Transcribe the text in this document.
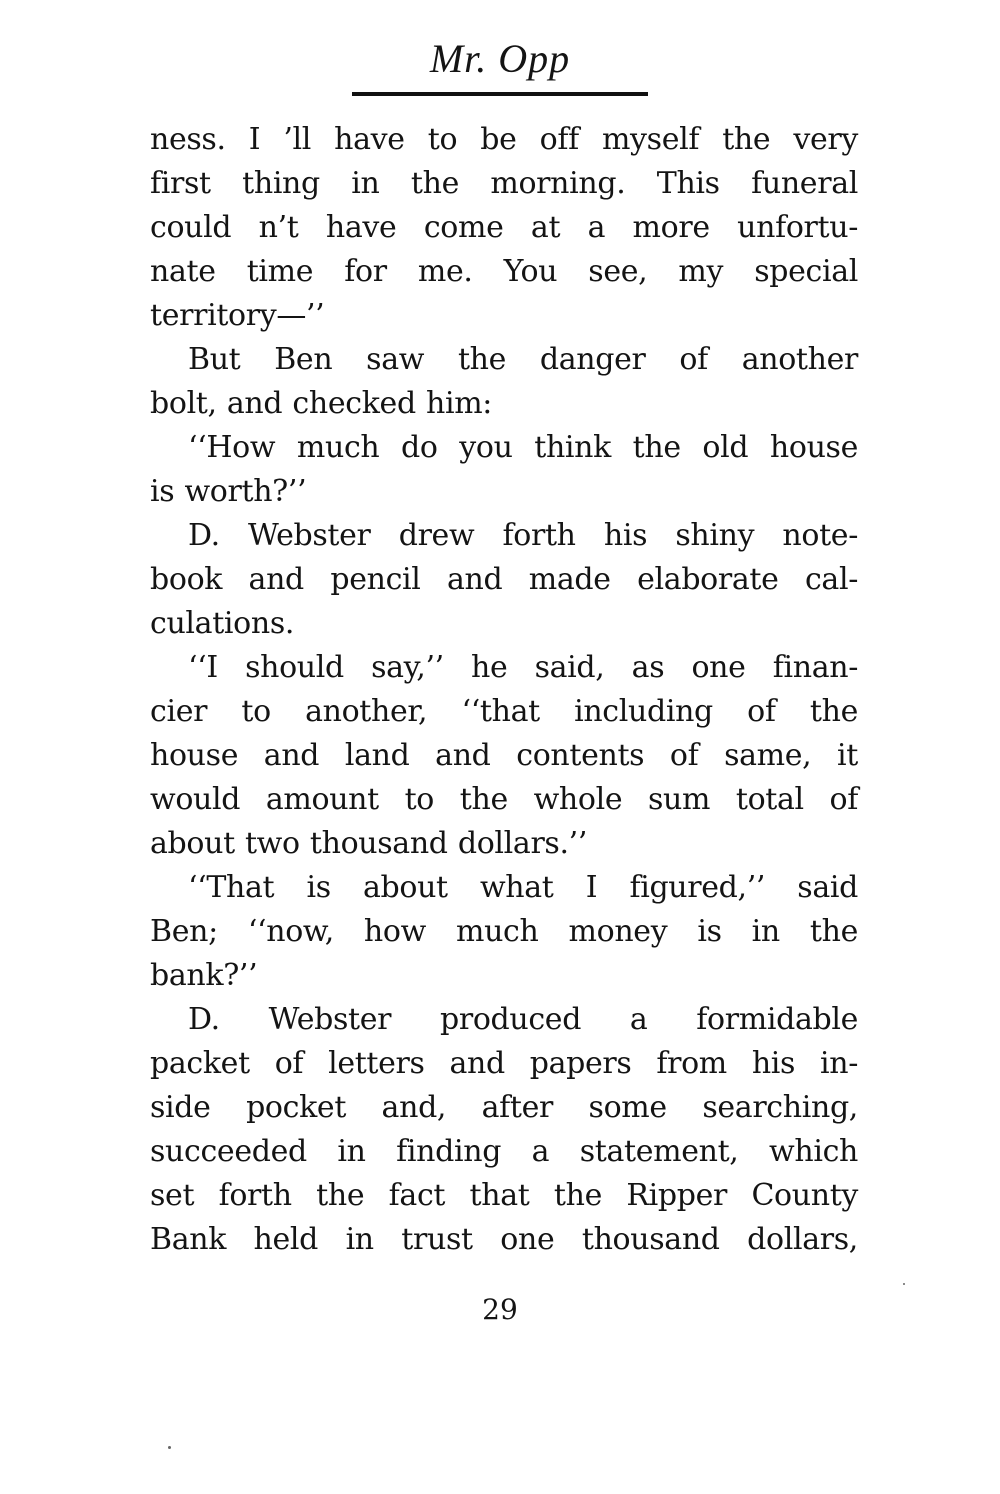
Mr. Opp
ness. I ’ll have to be off myself the very
first thing in the morning. This funeral
could n’t have come at a more unfortu-
nate time for me. You see, my special
territory—’’
But Ben saw the danger of another
bolt, and checked him:
‘‘How much do you think the old house
is worth?’’
D. Webster drew forth his shiny note-
book and pencil and made elaborate cal-
culations.
‘‘I should say,’’ he said, as one finan-
cier to another, ‘‘that including of the
house and land and contents of same, it
would amount to the whole sum total of
about two thousand dollars.’’
‘‘That is about what I figured,’’ said
Ben; ‘‘now, how much money is in the
bank?’’
D. Webster produced a formidable
packet of letters and papers from his in-
side pocket and, after some searching,
succeeded in finding a statement, which
set forth the fact that the Ripper County
Bank held in trust one thousand dollars,
29
